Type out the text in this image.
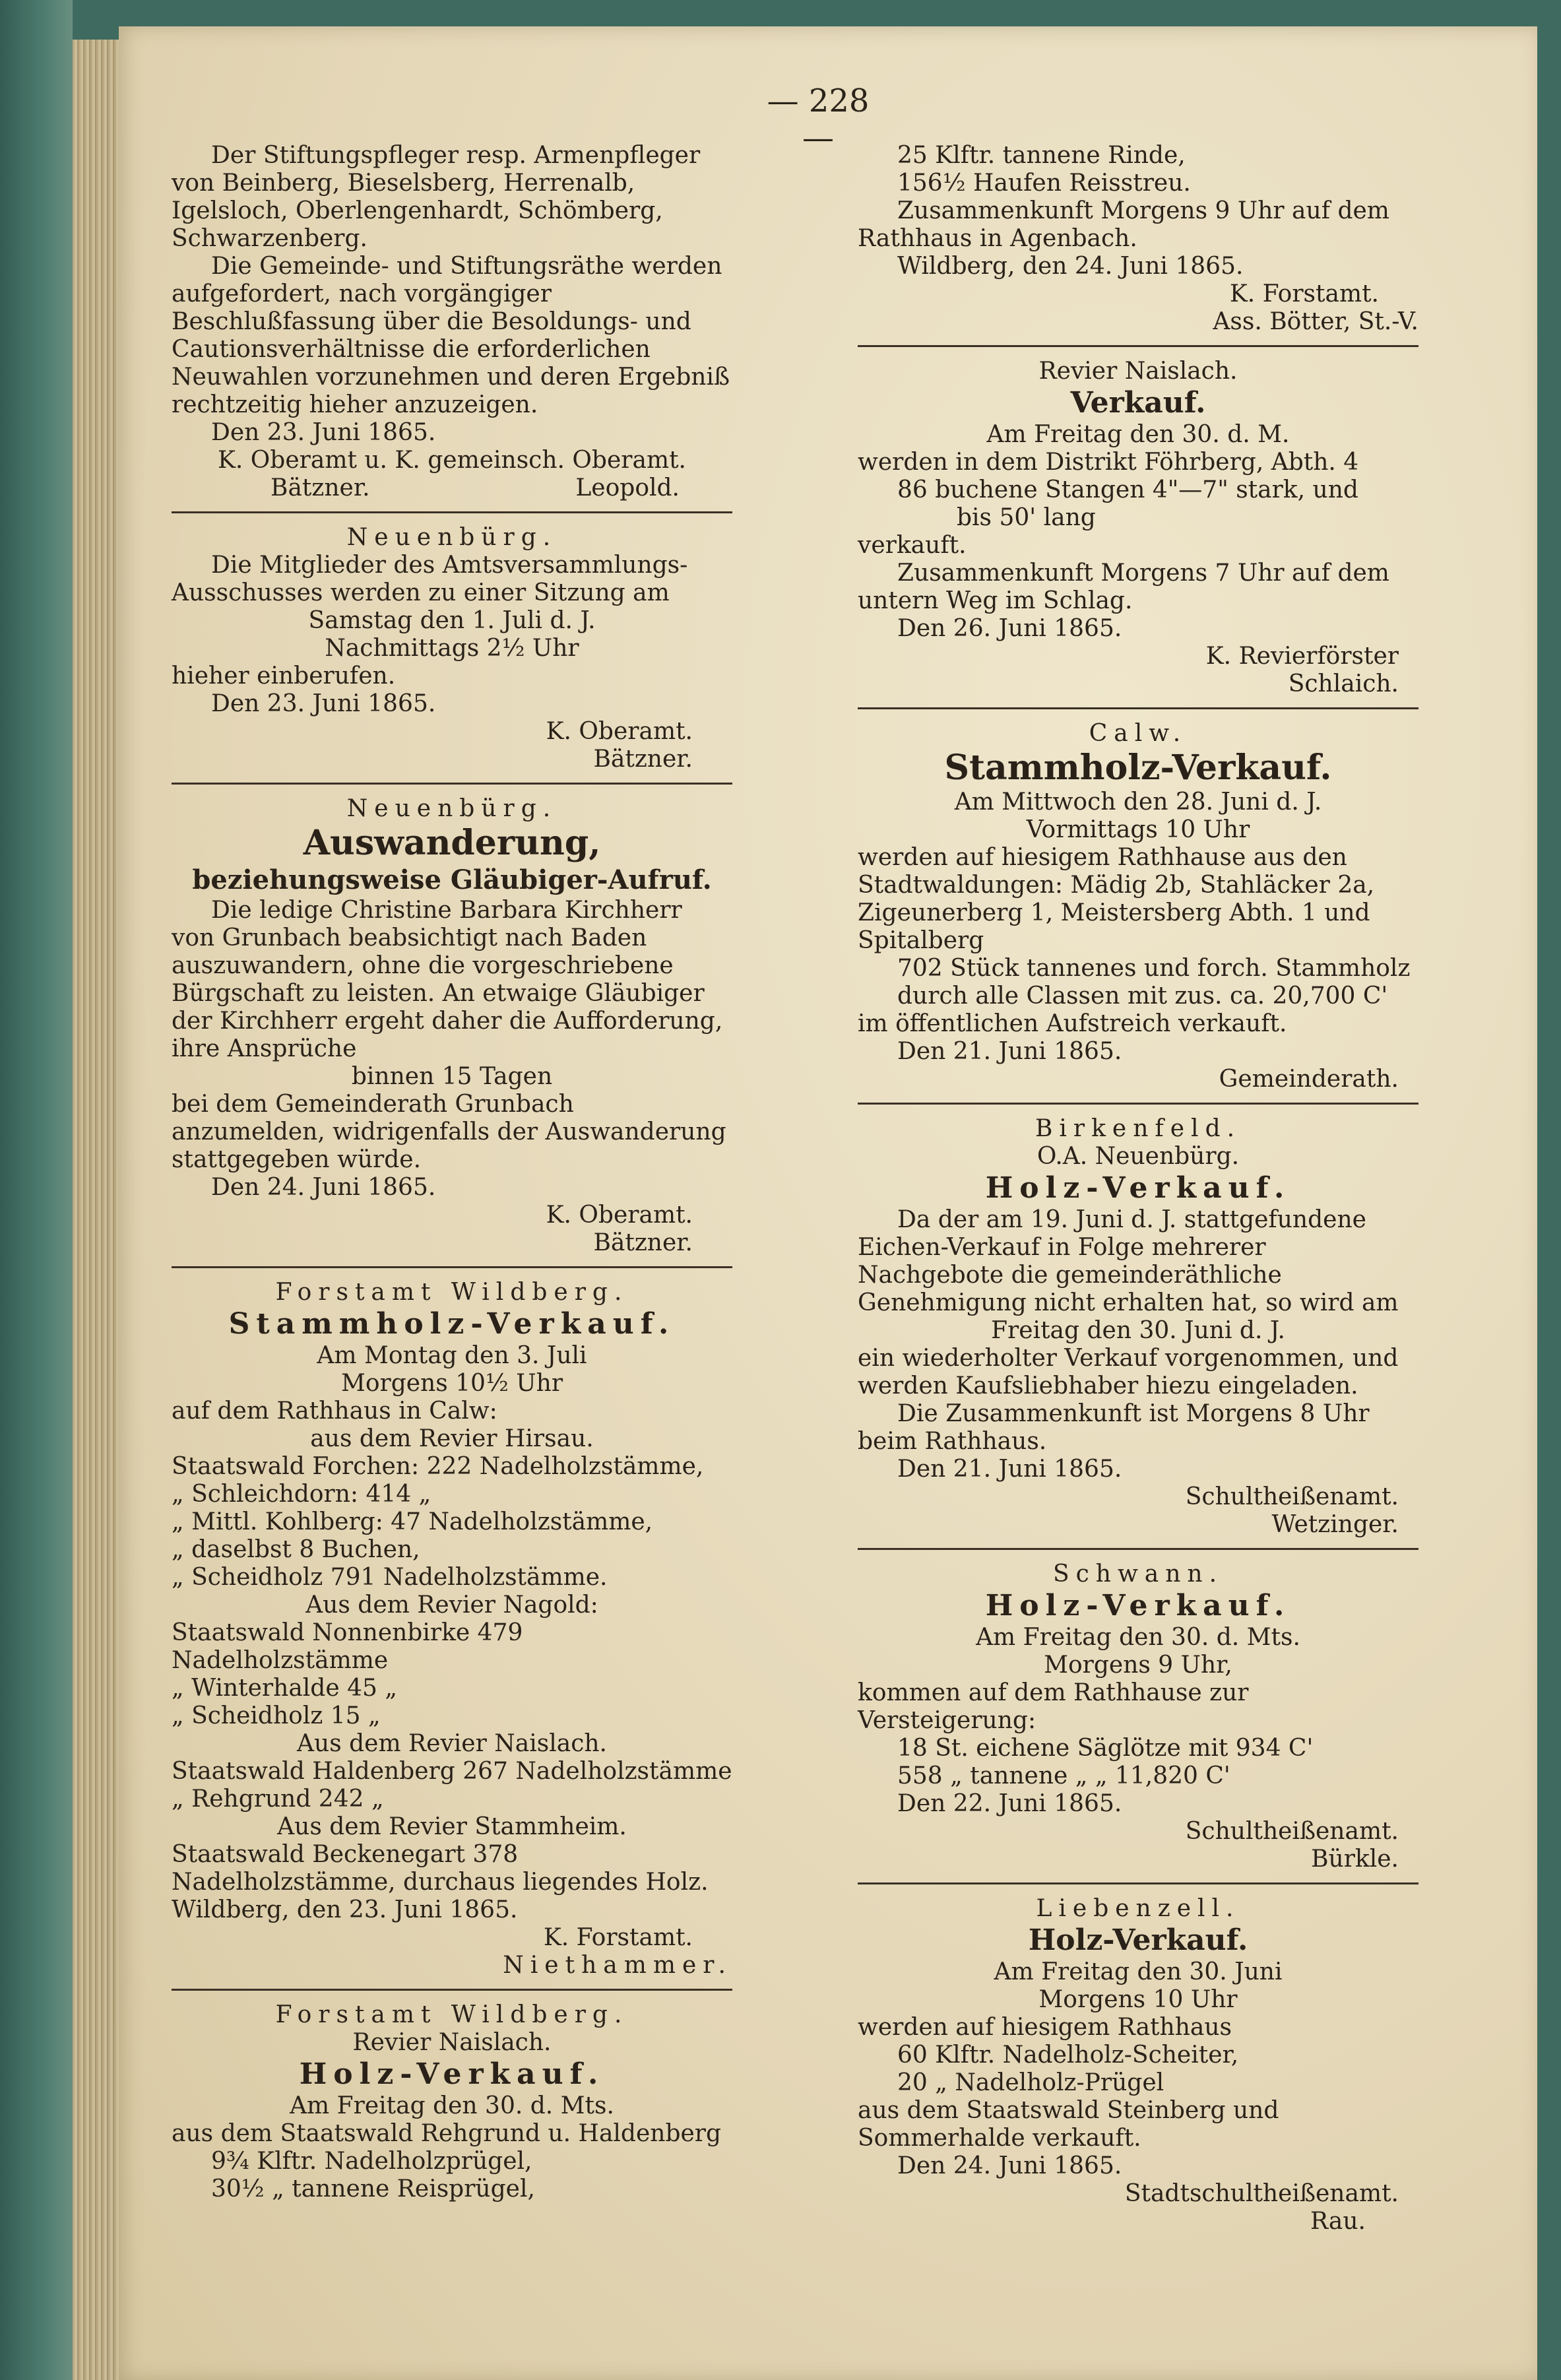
— 228 —

Der Stiftungspfleger resp. Armenpfleger von Beinberg, Bieselsberg, Herrenalb, Igelsloch, Oberlengenhardt, Schömberg, Schwarzenberg.

Die Gemeinde- und Stiftungsräthe werden aufgefordert, nach vorgängiger Beschlußfassung über die Besoldungs- und Cautionsverhältnisse die erforderlichen Neuwahlen vorzunehmen und deren Ergebniß rechtzeitig hieher anzuzeigen.

Den 23. Juni 1865.

K. Oberamt u. K. gemeinsch. Oberamt.

Bätzner.	Leopold.

Neuenbürg.

Die Mitglieder des Amtsversammlungs-Ausschusses werden zu einer Sitzung am

Samstag den 1. Juli d. J.

Nachmittags 2½ Uhr

hieher einberufen.

Den 23. Juni 1865.

K. Oberamt.

Bätzner.

Neuenbürg.

Auswanderung,

beziehungsweise Gläubiger-Aufruf.

Die ledige Christine Barbara Kirchherr von Grunbach beabsichtigt nach Baden auszuwandern, ohne die vorgeschriebene Bürgschaft zu leisten. An etwaige Gläubiger der Kirchherr ergeht daher die Aufforderung, ihre Ansprüche

binnen 15 Tagen

bei dem Gemeinderath Grunbach anzumelden, widrigenfalls der Auswanderung stattgegeben würde.

Den 24. Juni 1865.

K. Oberamt.

Bätzner.

Forstamt Wildberg.

Stammholz-Verkauf.

Am Montag den 3. Juli

Morgens 10½ Uhr

auf dem Rathhaus in Calw:

aus dem Revier Hirsau.

Staatswald Forchen: 222 Nadelholzstämme,

„ Schleichdorn: 414 „

„ Mittl. Kohlberg: 47 Nadelholzstämme,

„ daselbst 8 Buchen,

„ Scheidholz 791 Nadelholzstämme.

Aus dem Revier Nagold:

Staatswald Nonnenbirke 479 Nadelholzstämme

„ Winterhalde 45 „

„ Scheidholz 15 „

Aus dem Revier Naislach.

Staatswald Haldenberg 267 Nadelholzstämme

„ Rehgrund 242 „

Aus dem Revier Stammheim.

Staatswald Beckenegart 378 Nadelholzstämme, durchaus liegendes Holz.

Wildberg, den 23. Juni 1865.

K. Forstamt.

Niethammer.

Forstamt Wildberg.

Revier Naislach.

Holz-Verkauf.

Am Freitag den 30. d. Mts.

aus dem Staatswald Rehgrund u. Haldenberg

9¾ Klftr. Nadelholzprügel,

30½ „ tannene Reisprügel,

25 Klftr. tannene Rinde,

156½ Haufen Reisstreu.

Zusammenkunft Morgens 9 Uhr auf dem Rathhaus in Agenbach.

Wildberg, den 24. Juni 1865.

K. Forstamt.

Ass. Bötter, St.-V.

Revier Naislach.

Verkauf.

Am Freitag den 30. d. M.

werden in dem Distrikt Föhrberg, Abth. 4

86 buchene Stangen 4"—7" stark, und

bis 50' lang

verkauft.

Zusammenkunft Morgens 7 Uhr auf dem untern Weg im Schlag.

Den 26. Juni 1865.

K. Revierförster

Schlaich.

Calw.

Stammholz-Verkauf.

Am Mittwoch den 28. Juni d. J.

Vormittags 10 Uhr

werden auf hiesigem Rathhause aus den Stadtwaldungen: Mädig 2b, Stahläcker 2a, Zigeunerberg 1, Meistersberg Abth. 1 und Spitalberg

702 Stück tannenes und forch. Stammholz

durch alle Classen mit zus. ca. 20,700 C'

im öffentlichen Aufstreich verkauft.

Den 21. Juni 1865.

Gemeinderath.

Birkenfeld.

O.A. Neuenbürg.

Holz-Verkauf.

Da der am 19. Juni d. J. stattgefundene Eichen-Verkauf in Folge mehrerer Nachgebote die gemeinderäthliche Genehmigung nicht erhalten hat, so wird am

Freitag den 30. Juni d. J.

ein wiederholter Verkauf vorgenommen, und werden Kaufsliebhaber hiezu eingeladen.

Die Zusammenkunft ist Morgens 8 Uhr beim Rathhaus.

Den 21. Juni 1865.

Schultheißenamt.

Wetzinger.

Schwann.

Holz-Verkauf.

Am Freitag den 30. d. Mts.

Morgens 9 Uhr,

kommen auf dem Rathhause zur Versteigerung:

18 St. eichene Säglötze mit 934 C'

558 „ tannene „ „ 11,820 C'

Den 22. Juni 1865.

Schultheißenamt.

Bürkle.

Liebenzell.

Holz-Verkauf.

Am Freitag den 30. Juni

Morgens 10 Uhr

werden auf hiesigem Rathhaus

60 Klftr. Nadelholz-Scheiter,

20 „ Nadelholz-Prügel

aus dem Staatswald Steinberg und Sommerhalde verkauft.

Den 24. Juni 1865.

Stadtschultheißenamt.

Rau.
